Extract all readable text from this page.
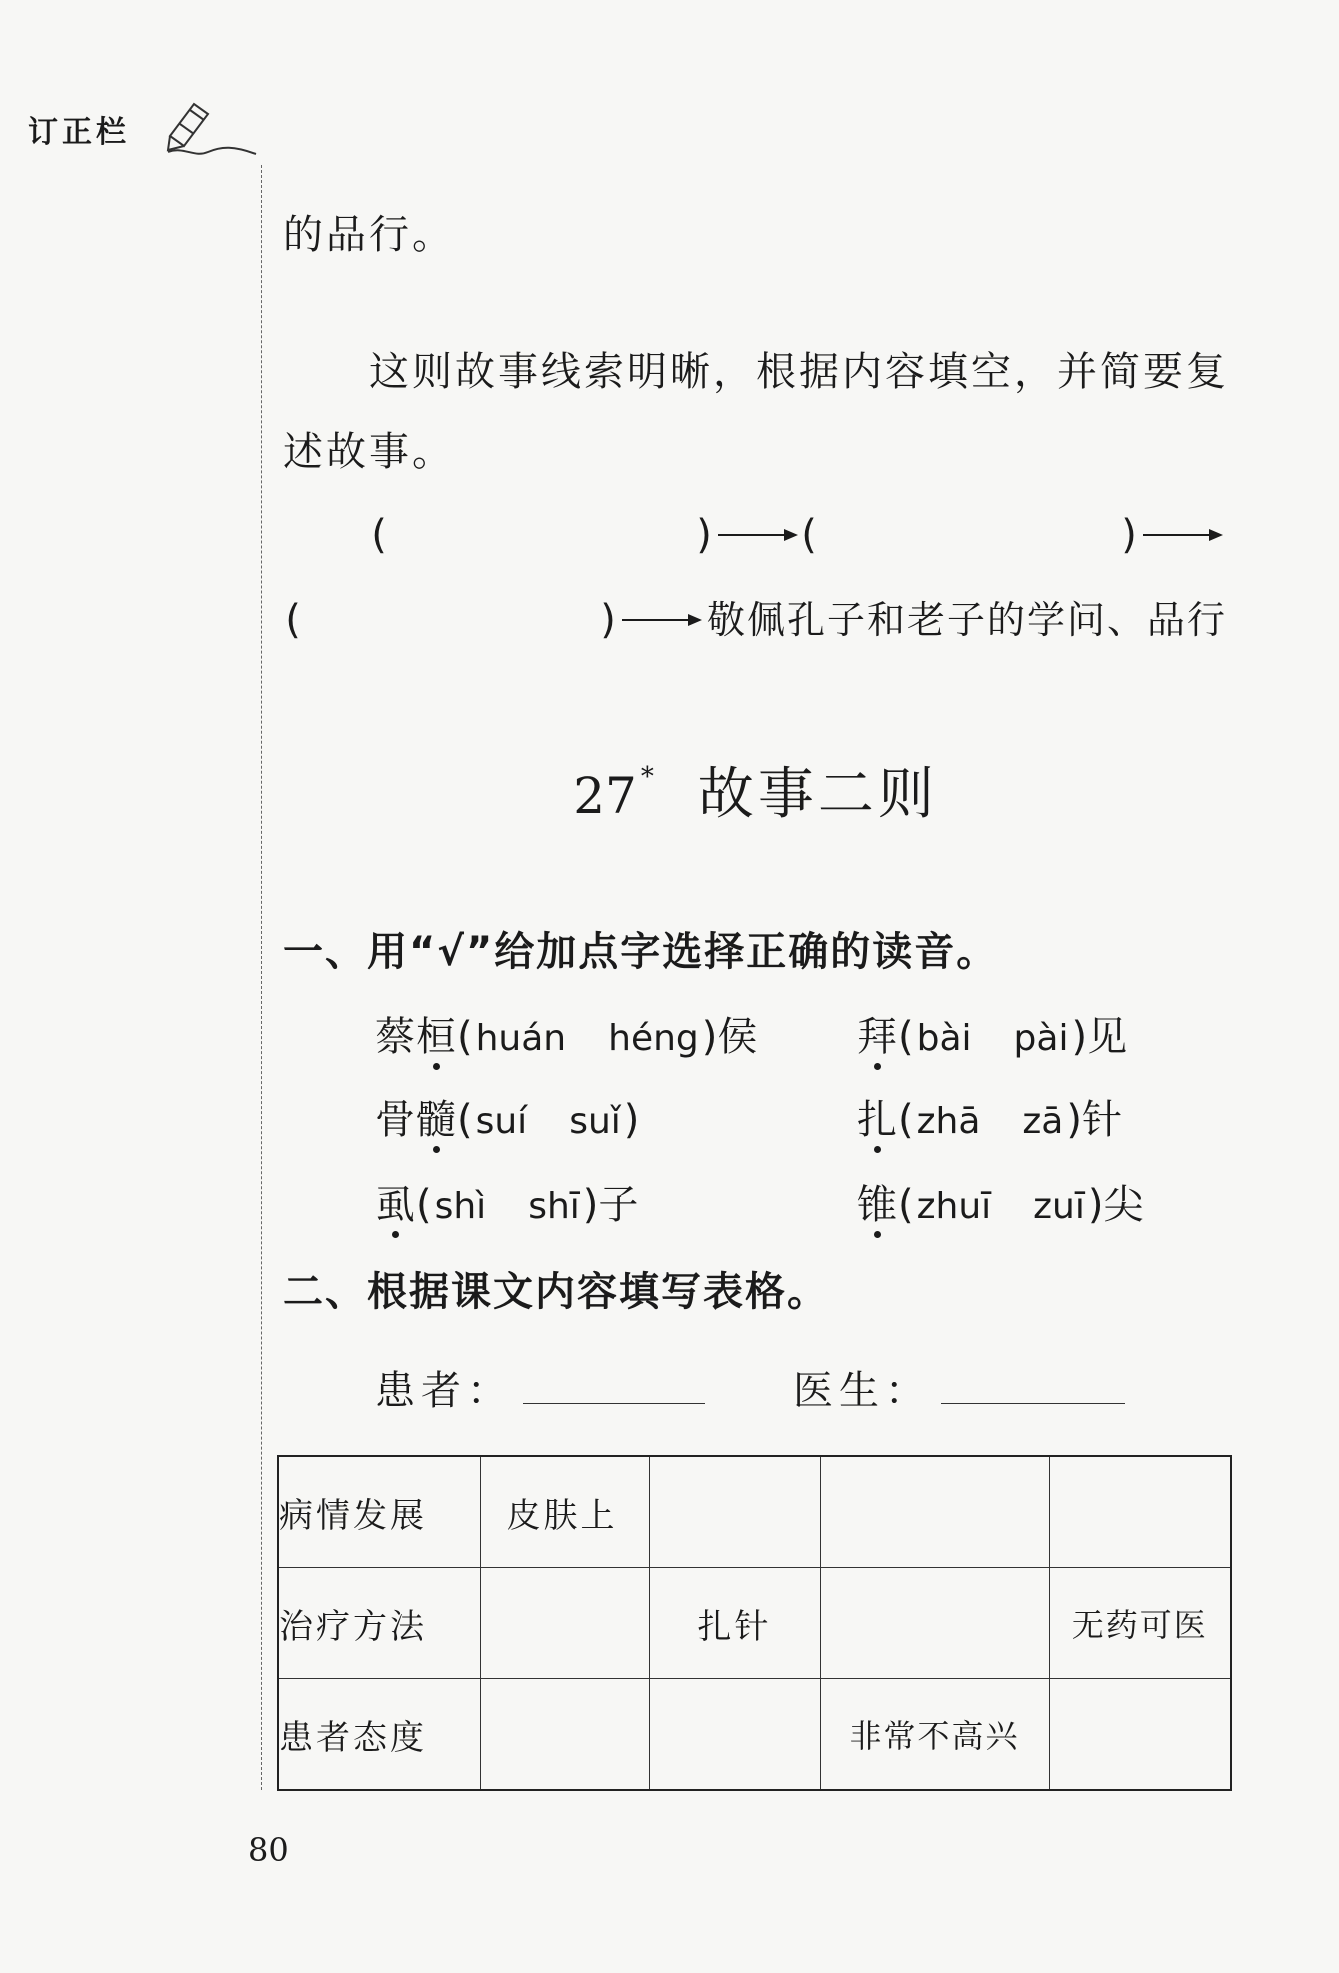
订正栏
的品行。
这则故事线索明晰，根据内容填空，并简要复
述故事。
(	) (	)
(	) 敬佩孔子和老子的学问、品行
27 * 故事二则
一、用“√”给加点字选择正确的读音。
蔡 桓 ( huán héng ) 侯
骨 髓 ( suí suǐ )
虱 ( shì shī ) 子
拜 ( bài pài ) 见
扎 ( zhā zā ) 针
锥 ( zhuī zuī ) 尖
二、根据课文内容填写表格。
患者：	医生：
病情发展	皮肤上			
治疗方法		扎针		无药可医
患者态度			非常不高兴	
80
